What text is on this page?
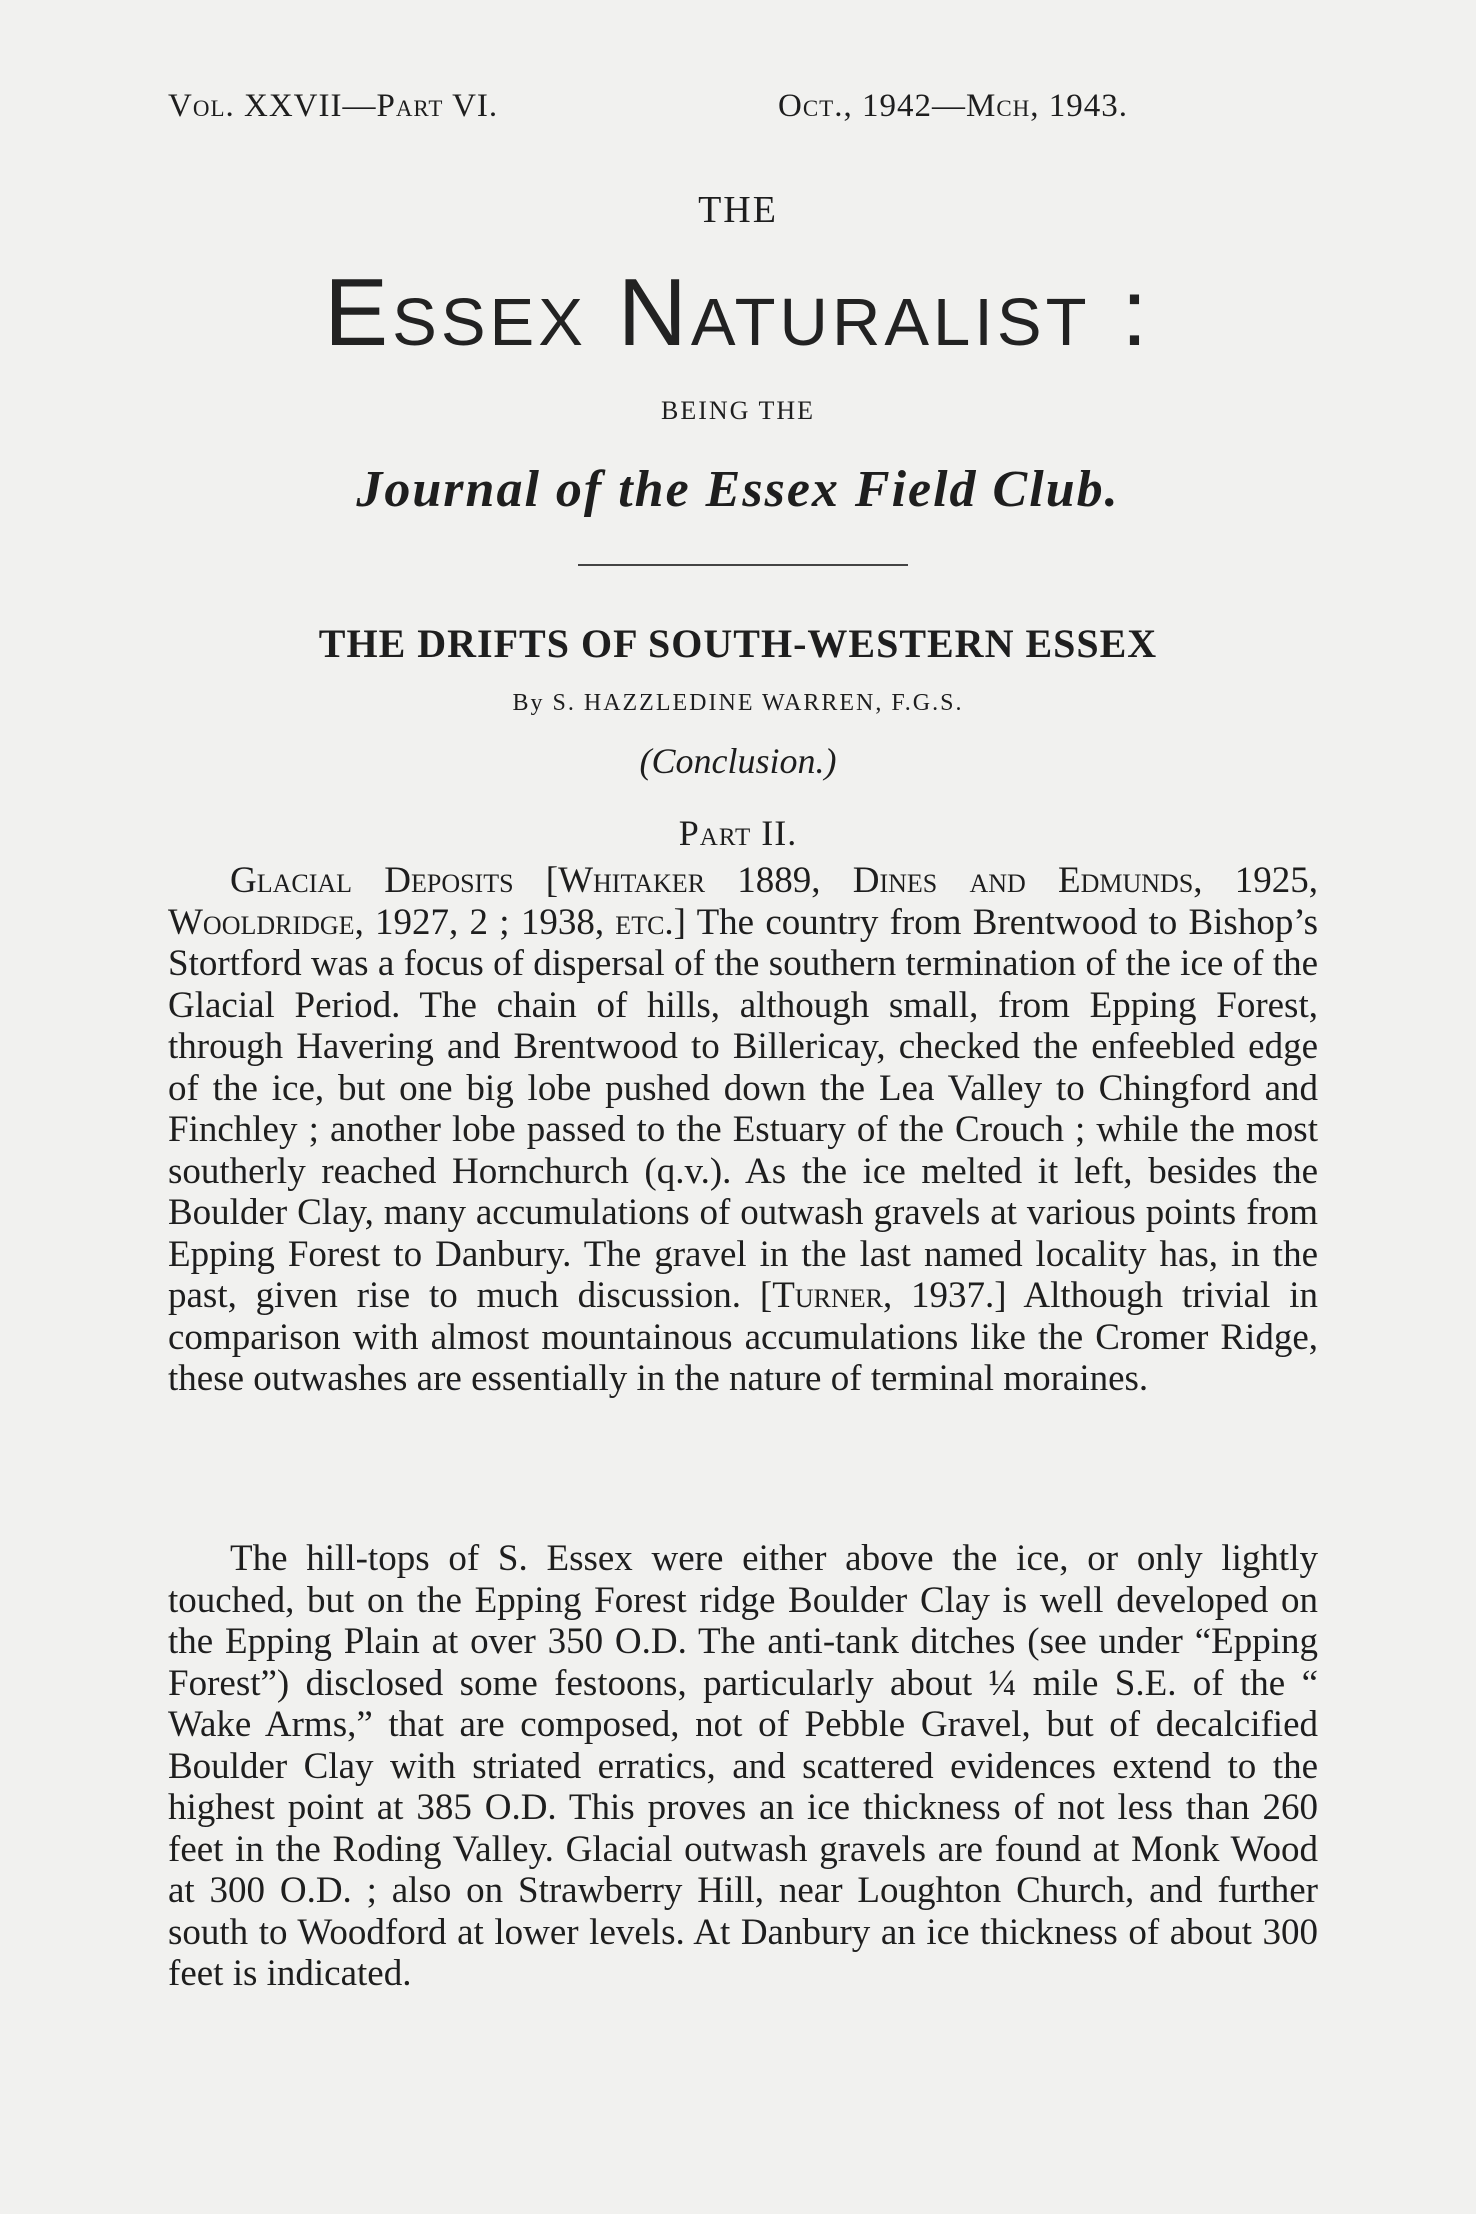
Vol. XXVII—Part VI.	Oct., 1942—Mch, 1943.
THE
Essex Naturalist :
BEING THE
Journal of the Essex Field Club.
THE DRIFTS OF SOUTH-WESTERN ESSEX
By S. HAZZLEDINE WARREN, F.G.S.
(Conclusion.)
Part II.

Glacial Deposits [Whitaker 1889, Dines and Edmunds, 1925, Wooldridge, 1927, 2 ; 1938, etc.] The country from Brentwood to Bishop’s Stortford was a focus of dispersal of the southern termination of the ice of the Glacial Period. The chain of hills, although small, from Epping Forest, through Havering and Brentwood to Billericay, checked the enfeebled edge of the ice, but one big lobe pushed down the Lea Valley to Chingford and Finchley ; another lobe passed to the Estuary of the Crouch ; while the most southerly reached Hornchurch (q.v.). As the ice melted it left, besides the Boulder Clay, many accumulations of outwash gravels at various points from Epping Forest to Danbury. The gravel in the last named locality has, in the past, given rise to much discussion. [Turner, 1937.] Although trivial in comparison with almost mountainous accumulations like the Cromer Ridge, these outwashes are essentially in the nature of terminal moraines.

The hill-tops of S. Essex were either above the ice, or only lightly touched, but on the Epping Forest ridge Boulder Clay is well developed on the Epping Plain at over 350 O.D. The anti-tank ditches (see under “Epping Forest”) disclosed some festoons, particularly about ¼ mile S.E. of the “ Wake Arms,” that are composed, not of Pebble Gravel, but of decalcified Boulder Clay with striated erratics, and scattered evidences extend to the highest point at 385 O.D. This proves an ice thickness of not less than 260 feet in the Roding Valley. Glacial outwash gravels are found at Monk Wood at 300 O.D. ; also on Strawberry Hill, near Loughton Church, and further south to Woodford at lower levels. At Danbury an ice thickness of about 300 feet is indicated.
